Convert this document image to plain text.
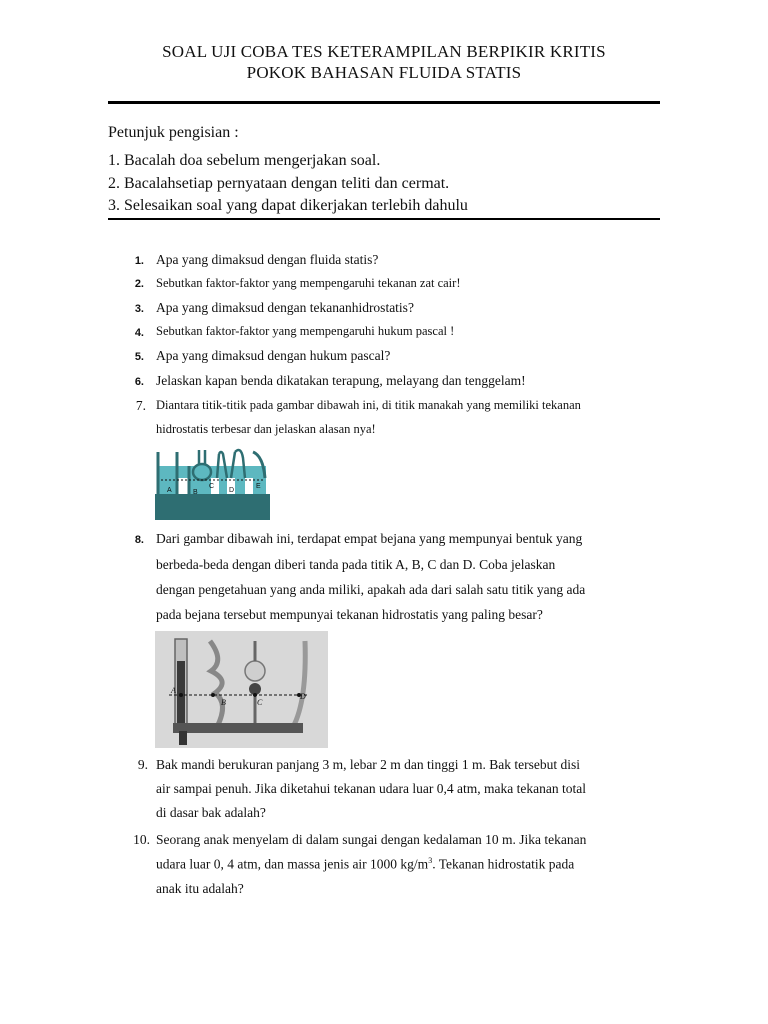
SOAL UJI COBA TES KETERAMPILAN BERPIKIR KRITIS
POKOK BAHASAN FLUIDA STATIS
Petunjuk pengisian :
1. Bacalah doa sebelum mengerjakan soal.
2. Bacalahsetiap pernyataan dengan teliti dan cermat.
3. Selesaikan soal yang dapat dikerjakan terlebih dahulu
1. Apa yang dimaksud dengan fluida statis?
2. Sebutkan faktor-faktor yang mempengaruhi tekanan zat cair!
3. Apa yang dimaksud dengan tekananhidrostatis?
4. Sebutkan faktor-faktor yang mempengaruhi hukum pascal !
5. Apa yang dimaksud dengan hukum pascal?
6. Jelaskan kapan benda dikatakan terapung, melayang dan tenggelam!
7. Diantara titik-titik pada gambar dibawah ini, di titik manakah yang memiliki tekanan
hidrostatis terbesar dan jelaskan alasan nya!
A	B
C
D
E
8. Dari gambar dibawah ini, terdapat empat bejana yang mempunyai bentuk yang
berbeda-beda dengan diberi tanda pada titik A, B, C dan D. Coba jelaskan
dengan pengetahuan yang anda miliki, apakah ada dari salah satu titik yang ada
pada bejana tersebut mempunyai tekanan hidrostatis yang paling besar?
A
B	C
D
9. Bak mandi berukuran panjang 3 m, lebar 2 m dan tinggi 1 m. Bak tersebut disi
air sampai penuh. Jika diketahui tekanan udara luar 0,4 atm, maka tekanan total
di dasar bak adalah?
10. Seorang anak menyelam di dalam sungai dengan kedalaman 10 m. Jika tekanan
udara luar 0, 4 atm, dan massa jenis air 1000 $kg/m^3$. Tekanan hidrostatik pada
anak itu adalah?
